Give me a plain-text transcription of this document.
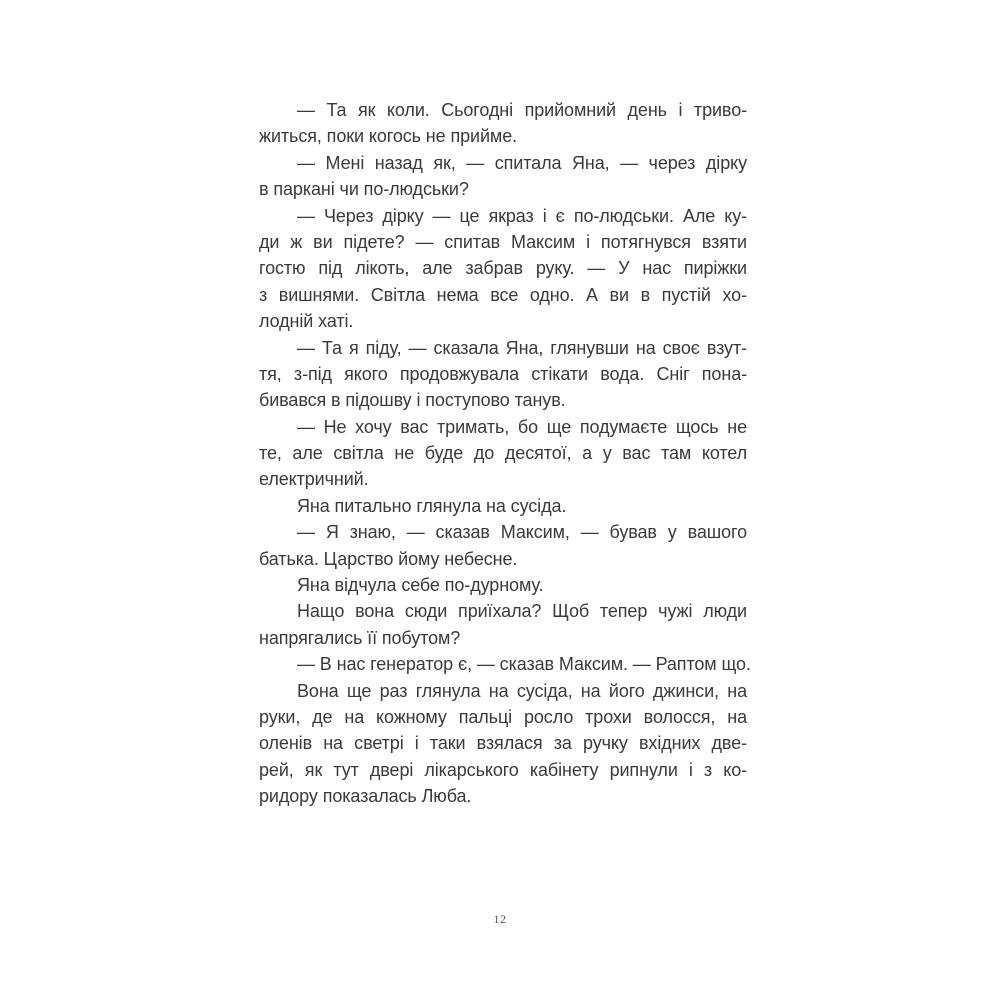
— Та як коли. Сьогодні прийомний день і триво-
житься, поки когось не прийме.
— Мені назад як, — спитала Яна, — через дірку
в паркані чи по-людськи?
— Через дірку — це якраз і є по-людськи. Але ку-
ди ж ви підете? — спитав Максим і потягнувся взяти
гостю під лікоть, але забрав руку. — У нас пиріжки
з вишнями. Світла нема все одно. А ви в пустій хо-
лодній хаті.
— Та я піду, — сказала Яна, глянувши на своє взут-
тя, з-під якого продовжувала стікати вода. Сніг пона-
бивався в підошву і поступово танув.
— Не хочу вас тримать, бо ще подумаєте щось не
те, але світла не буде до десятої, а у вас там котел
електричний.
Яна питально глянула на сусіда.
— Я знаю, — сказав Максим, — бував у вашого
батька. Царство йому небесне.
Яна відчула себе по-дурному.
Нащо вона сюди приїхала? Щоб тепер чужі люди
напрягались її побутом?
— В нас генератор є, — сказав Максим. — Раптом що.
Вона ще раз глянула на сусіда, на його джинси, на
руки, де на кожному пальці росло трохи волосся, на
оленів на светрі і таки взялася за ручку вхідних две-
рей, як тут двері лікарського кабінету рипнули і з ко-
ридору показалась Люба.
12
